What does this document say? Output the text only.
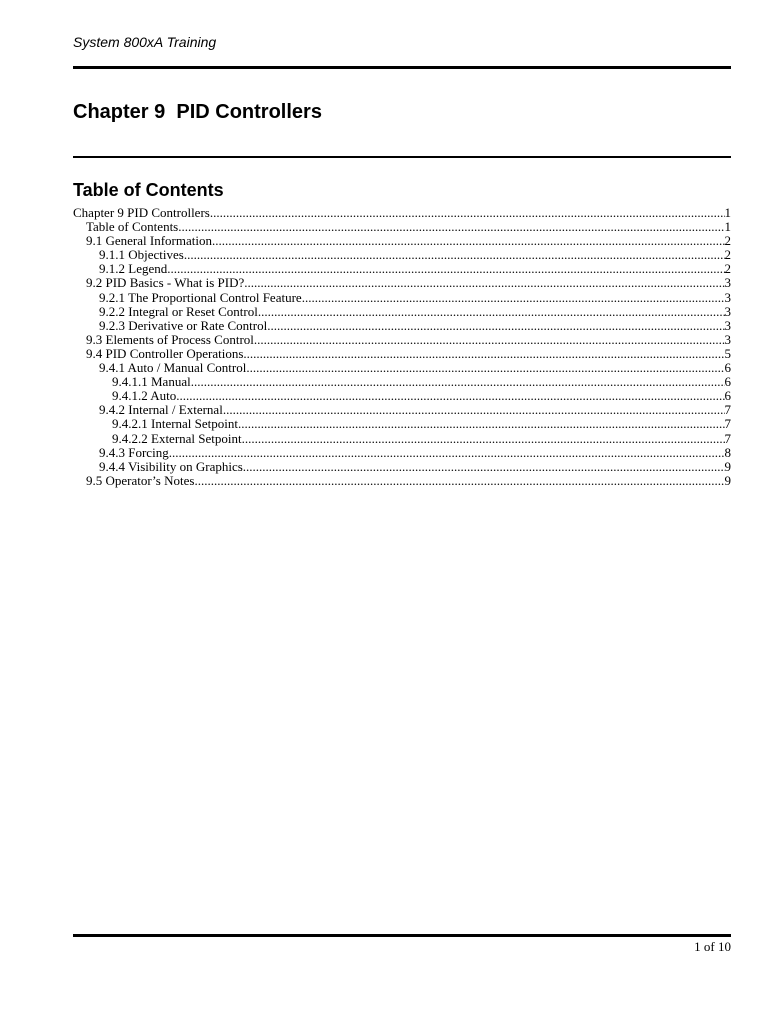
System 800xA Training
Chapter 9  PID Controllers
Table of Contents
Chapter 9 PID Controllers .....	1
Table of Contents .....	1
9.1 General Information .....	2
9.1.1 Objectives .....	2
9.1.2 Legend .....	2
9.2 PID Basics - What is PID? .....	3
9.2.1 The Proportional Control Feature .....	3
9.2.2 Integral or Reset Control .....	3
9.2.3 Derivative or Rate Control .....	3
9.3 Elements of Process Control .....	3
9.4 PID Controller Operations .....	5
9.4.1 Auto / Manual Control .....	6
9.4.1.1 Manual .....	6
9.4.1.2 Auto .....	6
9.4.2 Internal / External .....	7
9.4.2.1 Internal Setpoint .....	7
9.4.2.2 External Setpoint .....	7
9.4.3 Forcing .....	8
9.4.4 Visibility on Graphics .....	9
9.5 Operator’s Notes .....	9
1 of 10
